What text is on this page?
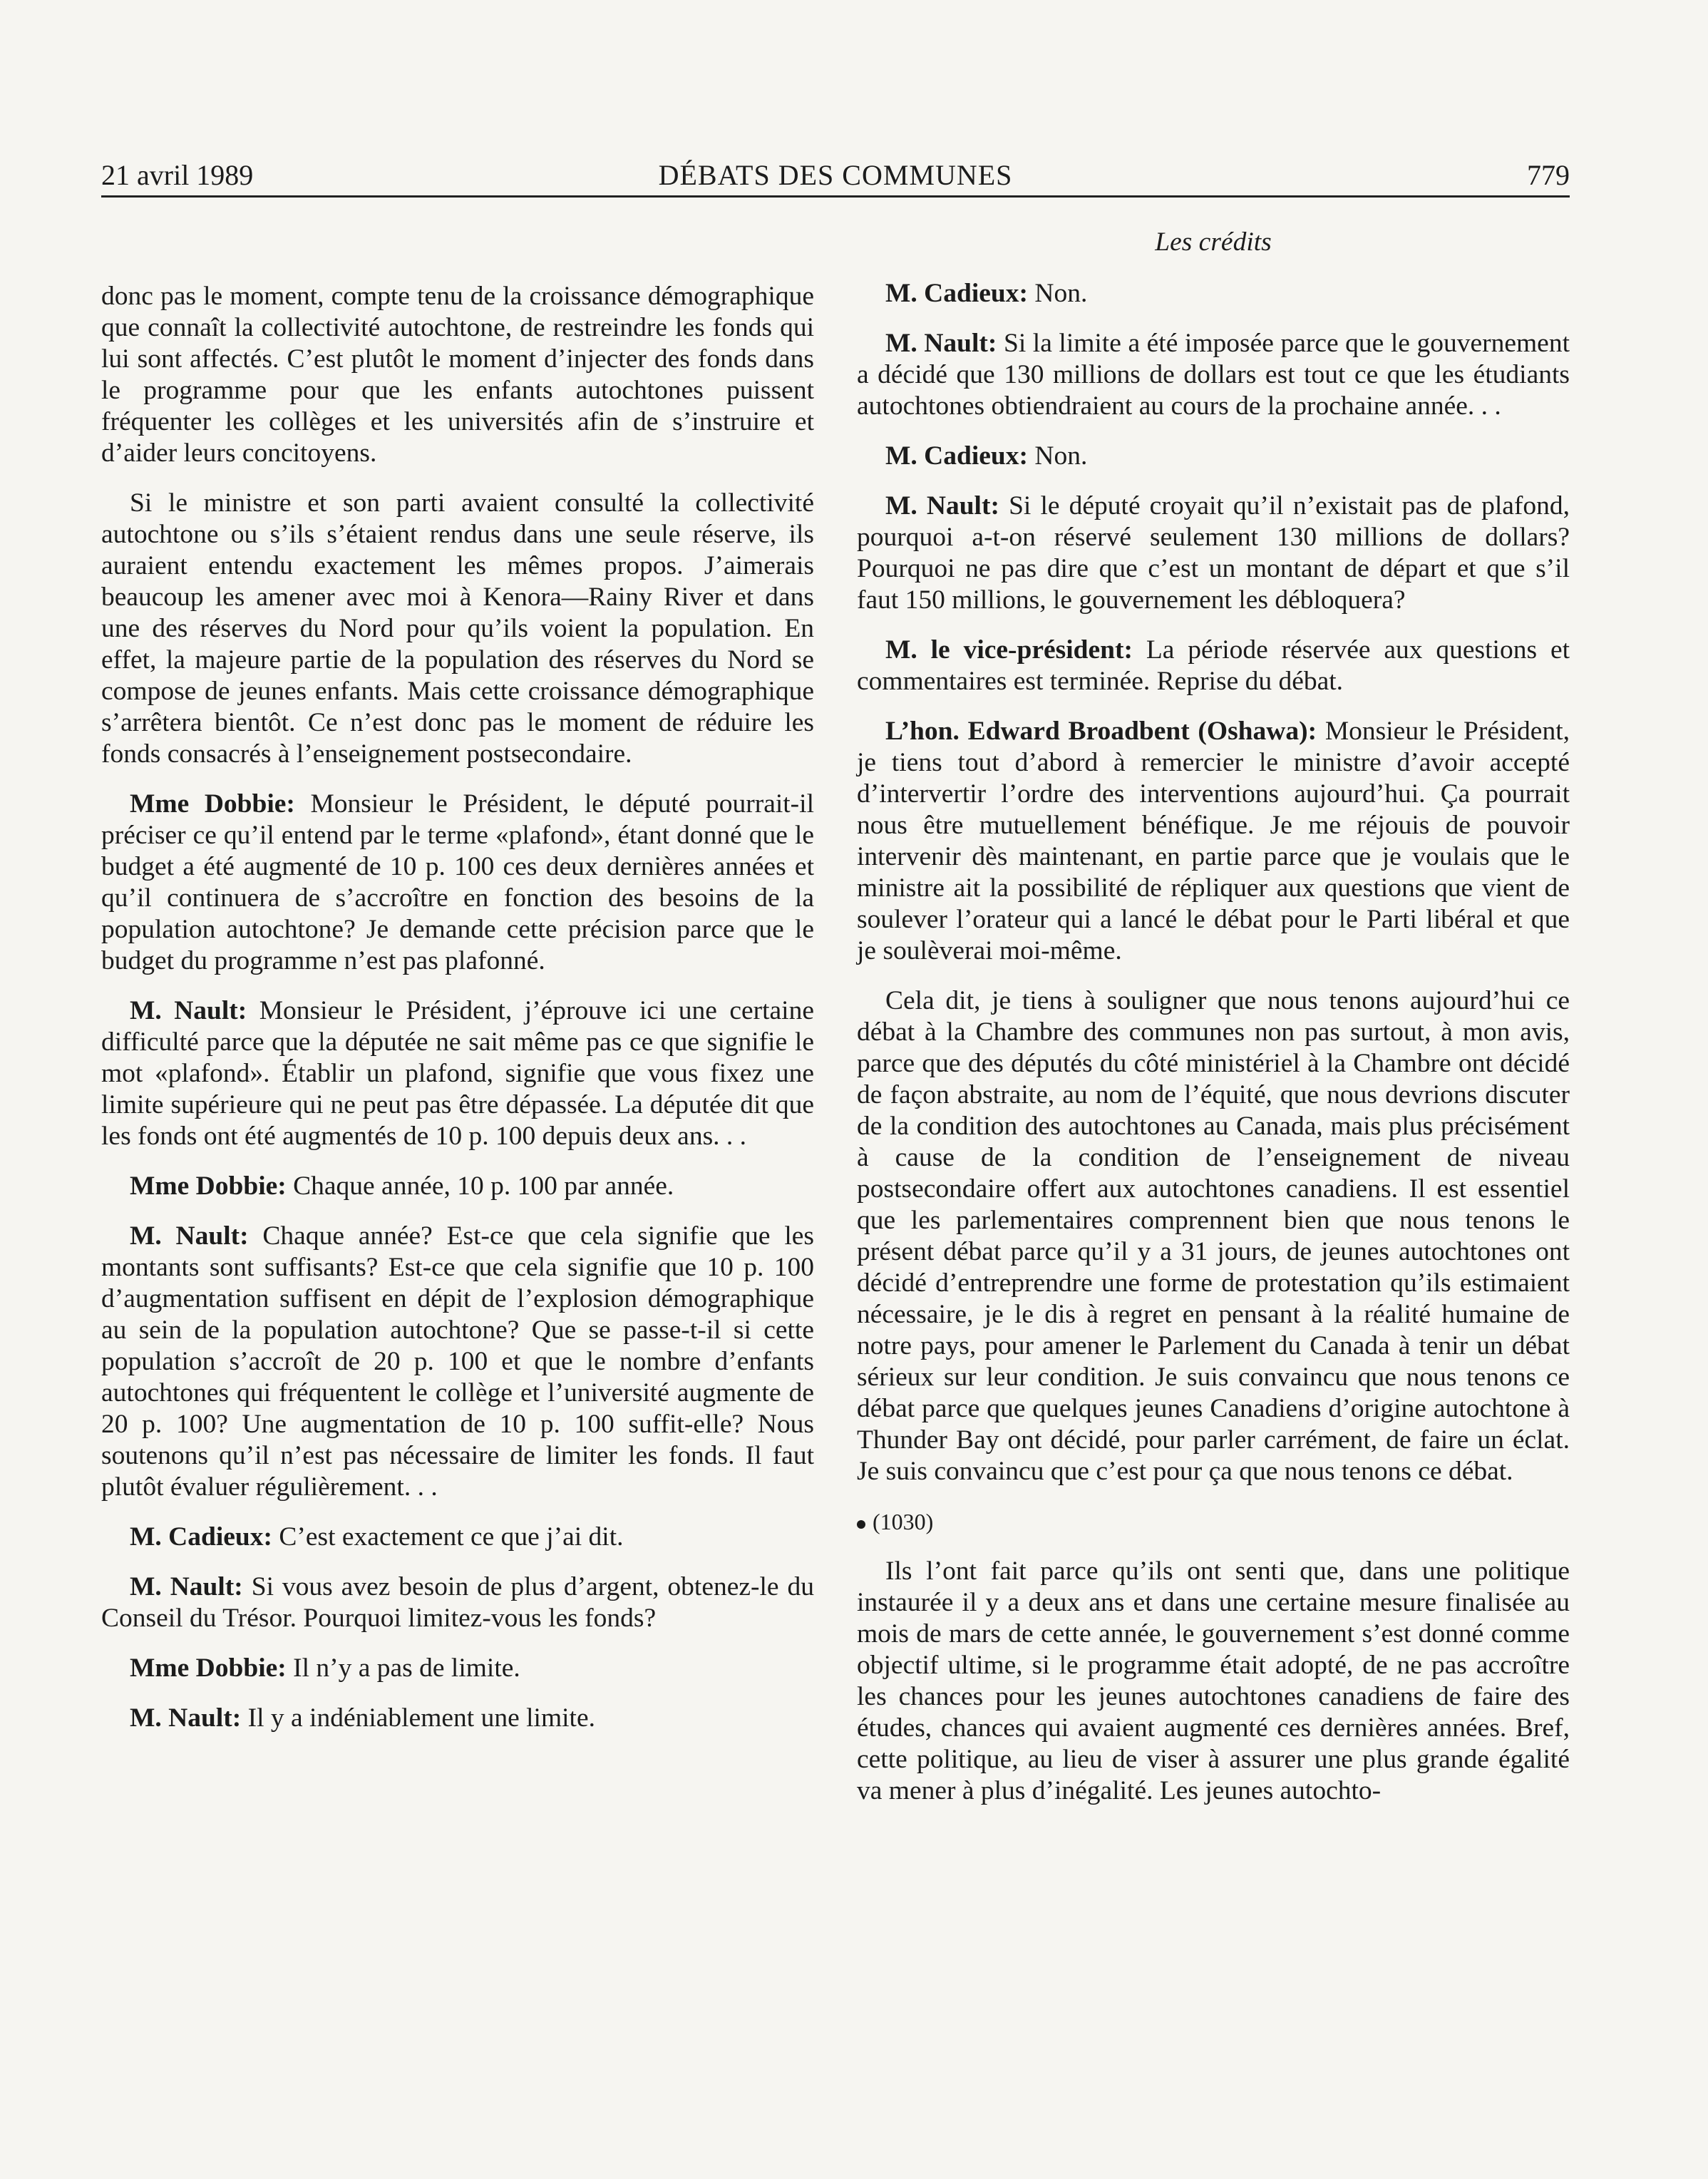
21 avril 1989	DÉBATS DES COMMUNES	779

donc pas le moment, compte tenu de la croissance démographique que connaît la collectivité autochtone, de restreindre les fonds qui lui sont affectés. C’est plutôt le moment d’injecter des fonds dans le programme pour que les enfants autochtones puissent fréquenter les collèges et les universités afin de s’instruire et d’aider leurs concitoyens.

Si le ministre et son parti avaient consulté la collectivité autochtone ou s’ils s’étaient rendus dans une seule réserve, ils auraient entendu exactement les mêmes propos. J’aimerais beaucoup les amener avec moi à Kenora—Rainy River et dans une des réserves du Nord pour qu’ils voient la population. En effet, la majeure partie de la population des réserves du Nord se compose de jeunes enfants. Mais cette croissance démographique s’arrêtera bientôt. Ce n’est donc pas le moment de réduire les fonds consacrés à l’enseignement postsecondaire.

Mme Dobbie: Monsieur le Président, le député pourrait-il préciser ce qu’il entend par le terme «plafond», étant donné que le budget a été augmenté de 10 p. 100 ces deux dernières années et qu’il continuera de s’accroître en fonction des besoins de la population autochtone? Je demande cette précision parce que le budget du programme n’est pas plafonné.

M. Nault: Monsieur le Président, j’éprouve ici une certaine difficulté parce que la députée ne sait même pas ce que signifie le mot «plafond». Établir un plafond, signifie que vous fixez une limite supérieure qui ne peut pas être dépassée. La députée dit que les fonds ont été augmentés de 10 p. 100 depuis deux ans. . .

Mme Dobbie: Chaque année, 10 p. 100 par année.

M. Nault: Chaque année? Est-ce que cela signifie que les montants sont suffisants? Est-ce que cela signifie que 10 p. 100 d’augmentation suffisent en dépit de l’explosion démographique au sein de la population autochtone? Que se passe-t-il si cette population s’accroît de 20 p. 100 et que le nombre d’enfants autochtones qui fréquentent le collège et l’université augmente de 20 p. 100? Une augmentation de 10 p. 100 suffit-elle? Nous soutenons qu’il n’est pas nécessaire de limiter les fonds. Il faut plutôt évaluer régulièrement. . .

M. Cadieux: C’est exactement ce que j’ai dit.

M. Nault: Si vous avez besoin de plus d’argent, obtenez-le du Conseil du Trésor. Pourquoi limitez-vous les fonds?

Mme Dobbie: Il n’y a pas de limite.

M. Nault: Il y a indéniablement une limite.

Les crédits

M. Cadieux: Non.

M. Nault: Si la limite a été imposée parce que le gouvernement a décidé que 130 millions de dollars est tout ce que les étudiants autochtones obtiendraient au cours de la prochaine année. . .

M. Cadieux: Non.

M. Nault: Si le député croyait qu’il n’existait pas de plafond, pourquoi a-t-on réservé seulement 130 millions de dollars? Pourquoi ne pas dire que c’est un montant de départ et que s’il faut 150 millions, le gouvernement les débloquera?

M. le vice-président: La période réservée aux questions et commentaires est terminée. Reprise du débat.

L’hon. Edward Broadbent (Oshawa): Monsieur le Président, je tiens tout d’abord à remercier le ministre d’avoir accepté d’intervertir l’ordre des interventions aujourd’hui. Ça pourrait nous être mutuellement bénéfique. Je me réjouis de pouvoir intervenir dès maintenant, en partie parce que je voulais que le ministre ait la possibilité de répliquer aux questions que vient de soulever l’orateur qui a lancé le débat pour le Parti libéral et que je soulèverai moi-même.

Cela dit, je tiens à souligner que nous tenons aujourd’hui ce débat à la Chambre des communes non pas surtout, à mon avis, parce que des députés du côté ministériel à la Chambre ont décidé de façon abstraite, au nom de l’équité, que nous devrions discuter de la condition des autochtones au Canada, mais plus précisément à cause de la condition de l’enseignement de niveau postsecondaire offert aux autochtones canadiens. Il est essentiel que les parlementaires comprennent bien que nous tenons le présent débat parce qu’il y a 31 jours, de jeunes autochtones ont décidé d’entreprendre une forme de protestation qu’ils estimaient nécessaire, je le dis à regret en pensant à la réalité humaine de notre pays, pour amener le Parlement du Canada à tenir un débat sérieux sur leur condition. Je suis convaincu que nous tenons ce débat parce que quelques jeunes Canadiens d’origine autochtone à Thunder Bay ont décidé, pour parler carrément, de faire un éclat. Je suis convaincu que c’est pour ça que nous tenons ce débat.

(1030)

Ils l’ont fait parce qu’ils ont senti que, dans une politique instaurée il y a deux ans et dans une certaine mesure finalisée au mois de mars de cette année, le gouvernement s’est donné comme objectif ultime, si le programme était adopté, de ne pas accroître les chances pour les jeunes autochtones canadiens de faire des études, chances qui avaient augmenté ces dernières années. Bref, cette politique, au lieu de viser à assurer une plus grande égalité va mener à plus d’inégalité. Les jeunes autochto-
